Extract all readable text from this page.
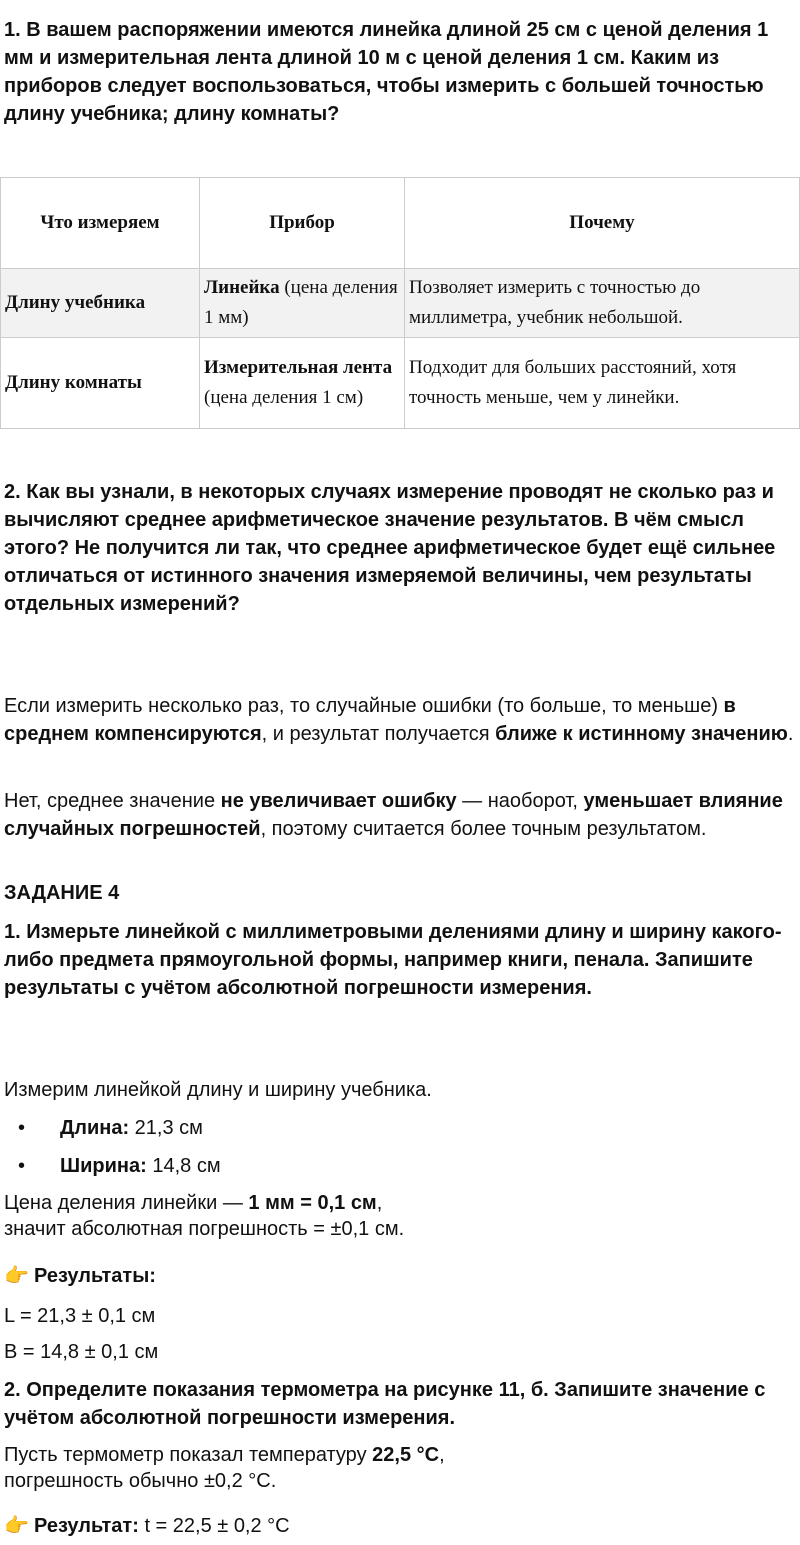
1. В вашем распоряжении имеются линейка длиной 25 см с ценой деления 1 мм и измерительная лента длиной 10 м с ценой деления 1 см. Каким из приборов следует воспользоваться, чтобы измерить с большей точностью длину учебника; длину комнаты?
Что измеряем	Прибор	Почему
Длину учебника	Линейка (цена деления 1 мм)	Позволяет измерить с точностью до миллиметра, учебник небольшой.
Длину комнаты	Измерительная лента (цена деления 1 см)	Подходит для больших расстояний, хотя точность меньше, чем у линейки.
2. Как вы узнали, в некоторых случаях измерение проводят не сколько раз и вычисляют среднее арифметическое значение результатов. В чём смысл этого? Не получится ли так, что среднее арифметическое будет ещё сильнее отличаться от истинного значения измеряемой величины, чем результаты отдельных измерений?
Если измерить несколько раз, то случайные ошибки (то больше, то меньше) в среднем компенсируются, и результат получается ближе к истинному значению.
Нет, среднее значение не увеличивает ошибку — наоборот, уменьшает влияние случайных погрешностей, поэтому считается более точным результатом.
ЗАДАНИЕ 4
1. Измерьте линейкой с миллиметровыми делениями длину и ширину какого-либо предмета прямоугольной формы, например книги, пенала. Запишите результаты с учётом абсолютной погрешности измерения.
Измерим линейкой длину и ширину учебника.
• Длина: 21,3 см
• Ширина: 14,8 см
Цена деления линейки — 1 мм = 0,1 см,
значит абсолютная погрешность = ±0,1 см.
👉 Результаты:
L = 21,3 ± 0,1 см
B = 14,8 ± 0,1 см
2. Определите показания термометра на рисунке 11, б. Запишите значение с учётом абсолютной погрешности измерения.
Пусть термометр показал температуру 22,5 °C,
погрешность обычно ±0,2 °C.
👉 Результат: t = 22,5 ± 0,2 °C
